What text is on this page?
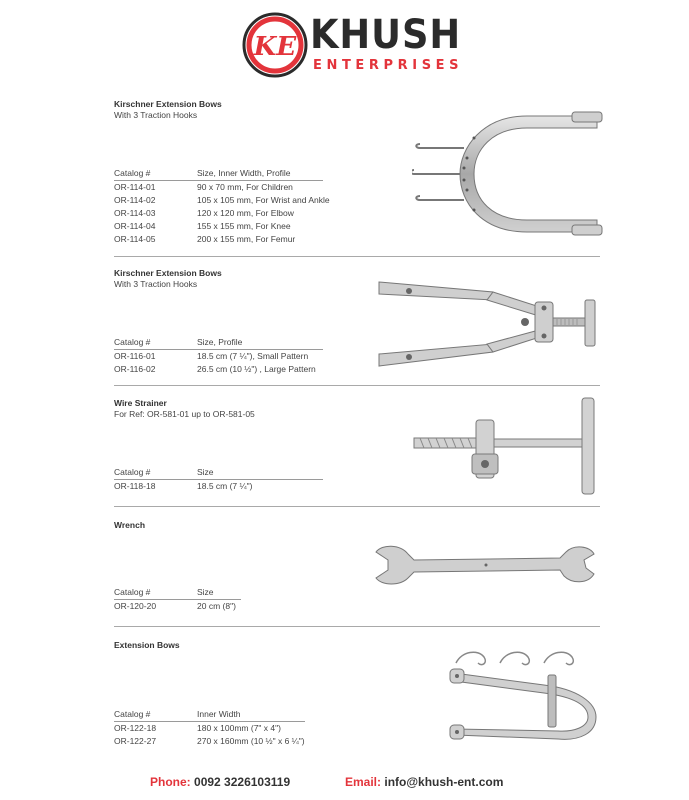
KE KHUSH
ENTERPRISES

Kirschner Extension Bows

With 3 Traction Hooks

Catalog #	Size, Inner Width, Profile
OR-114-01	90 x 70 mm, For Children
OR-114-02	105 x 105 mm, For Wrist and Ankle
OR-114-03	120 x 120 mm, For Elbow
OR-114-04	155 x 155 mm, For Knee
OR-114-05	200 x 155 mm, For Femur

Kirschner Extension Bows

With 3 Traction Hooks

Catalog #	Size, Profile
OR-116-01	18.5 cm (7 ¼"), Small Pattern
OR-116-02	26.5 cm (10 ½") , Large Pattern

Wire Strainer

For Ref: OR-581-01 up to OR-581-05

Catalog #	Size
OR-118-18	18.5 cm (7 ¼")

Wrench

Catalog #	Size
OR-120-20	20 cm (8")

Extension Bows

Catalog #	Inner Width
OR-122-18	180 x 100mm (7" x 4")
OR-122-27	270 x 160mm (10 ½" x 6 ¼")
Phone: 0092 3226103119	Email: info@khush-ent.com
